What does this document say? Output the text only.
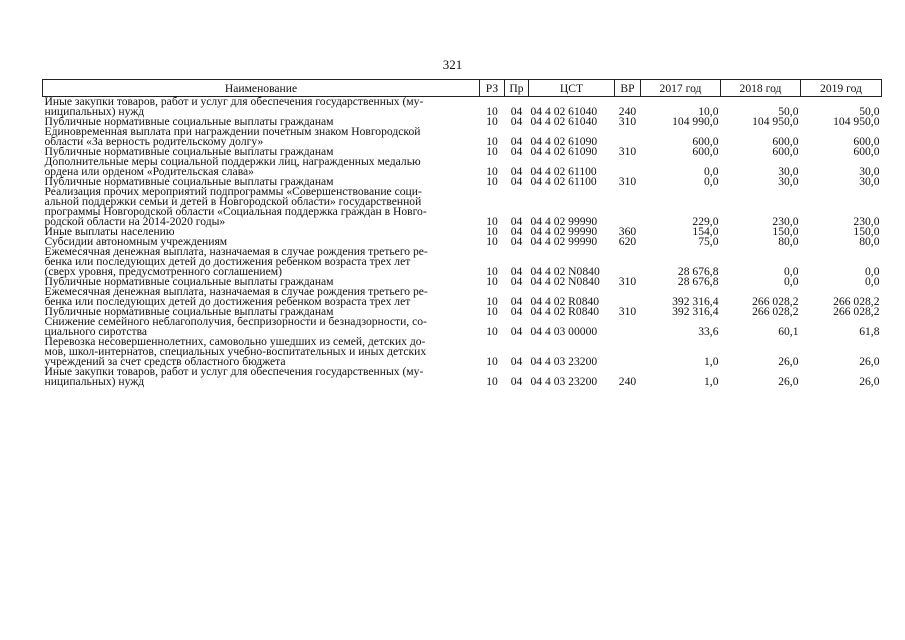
321
Наименование	РЗ	Пр	ЦСТ	ВР	2017 год	2018 год	2019 год
Иные закупки товаров, работ и услуг для обеспечения государственных (му-
ниципальных) нужд	10	04	04 4 02 61040	240	10,0	50,0	50,0
Публичные нормативные социальные выплаты гражданам	10	04	04 4 02 61040	310	104 990,0	104 950,0	104 950,0
Единовременная выплата при награждении почетным знаком Новгородской
области «За верность родительскому долгу»	10	04	04 4 02 61090		600,0	600,0	600,0
Публичные нормативные социальные выплаты гражданам	10	04	04 4 02 61090	310	600,0	600,0	600,0
Дополнительные меры социальной поддержки лиц, награжденных медалью
ордена или орденом «Родительская слава»	10	04	04 4 02 61100		0,0	30,0	30,0
Публичные нормативные социальные выплаты гражданам	10	04	04 4 02 61100	310	0,0	30,0	30,0
Реализация прочих мероприятий подпрограммы «Совершенствование соци-
альной поддержки семьи и детей в Новгородской области» государственной
программы Новгородской области «Социальная поддержка граждан в Новго-
родской области на 2014-2020 годы»	10	04	04 4 02 99990		229,0	230,0	230,0
Иные выплаты населению	10	04	04 4 02 99990	360	154,0	150,0	150,0
Субсидии автономным учреждениям	10	04	04 4 02 99990	620	75,0	80,0	80,0
Ежемесячная денежная выплата, назначаемая в случае рождения третьего ре-
бенка или последующих детей до достижения ребенком возраста трех лет
(сверх уровня, предусмотренного соглашением)	10	04	04 4 02 N0840		28 676,8	0,0	0,0
Публичные нормативные социальные выплаты гражданам	10	04	04 4 02 N0840	310	28 676,8	0,0	0,0
Ежемесячная денежная выплата, назначаемая в случае рождения третьего ре-
бенка или последующих детей до достижения ребенком возраста трех лет	10	04	04 4 02 R0840		392 316,4	266 028,2	266 028,2
Публичные нормативные социальные выплаты гражданам	10	04	04 4 02 R0840	310	392 316,4	266 028,2	266 028,2
Снижение семейного неблагополучия, беспризорности и безнадзорности, со-
циального сиротства	10	04	04 4 03 00000		33,6	60,1	61,8
Перевозка несовершеннолетних, самовольно ушедших из семей, детских до-
мов, школ-интернатов, специальных учебно-воспитательных и иных детских
учреждений за счет средств областного бюджета	10	04	04 4 03 23200		1,0	26,0	26,0
Иные закупки товаров, работ и услуг для обеспечения государственных (му-
ниципальных) нужд	10	04	04 4 03 23200	240	1,0	26,0	26,0
